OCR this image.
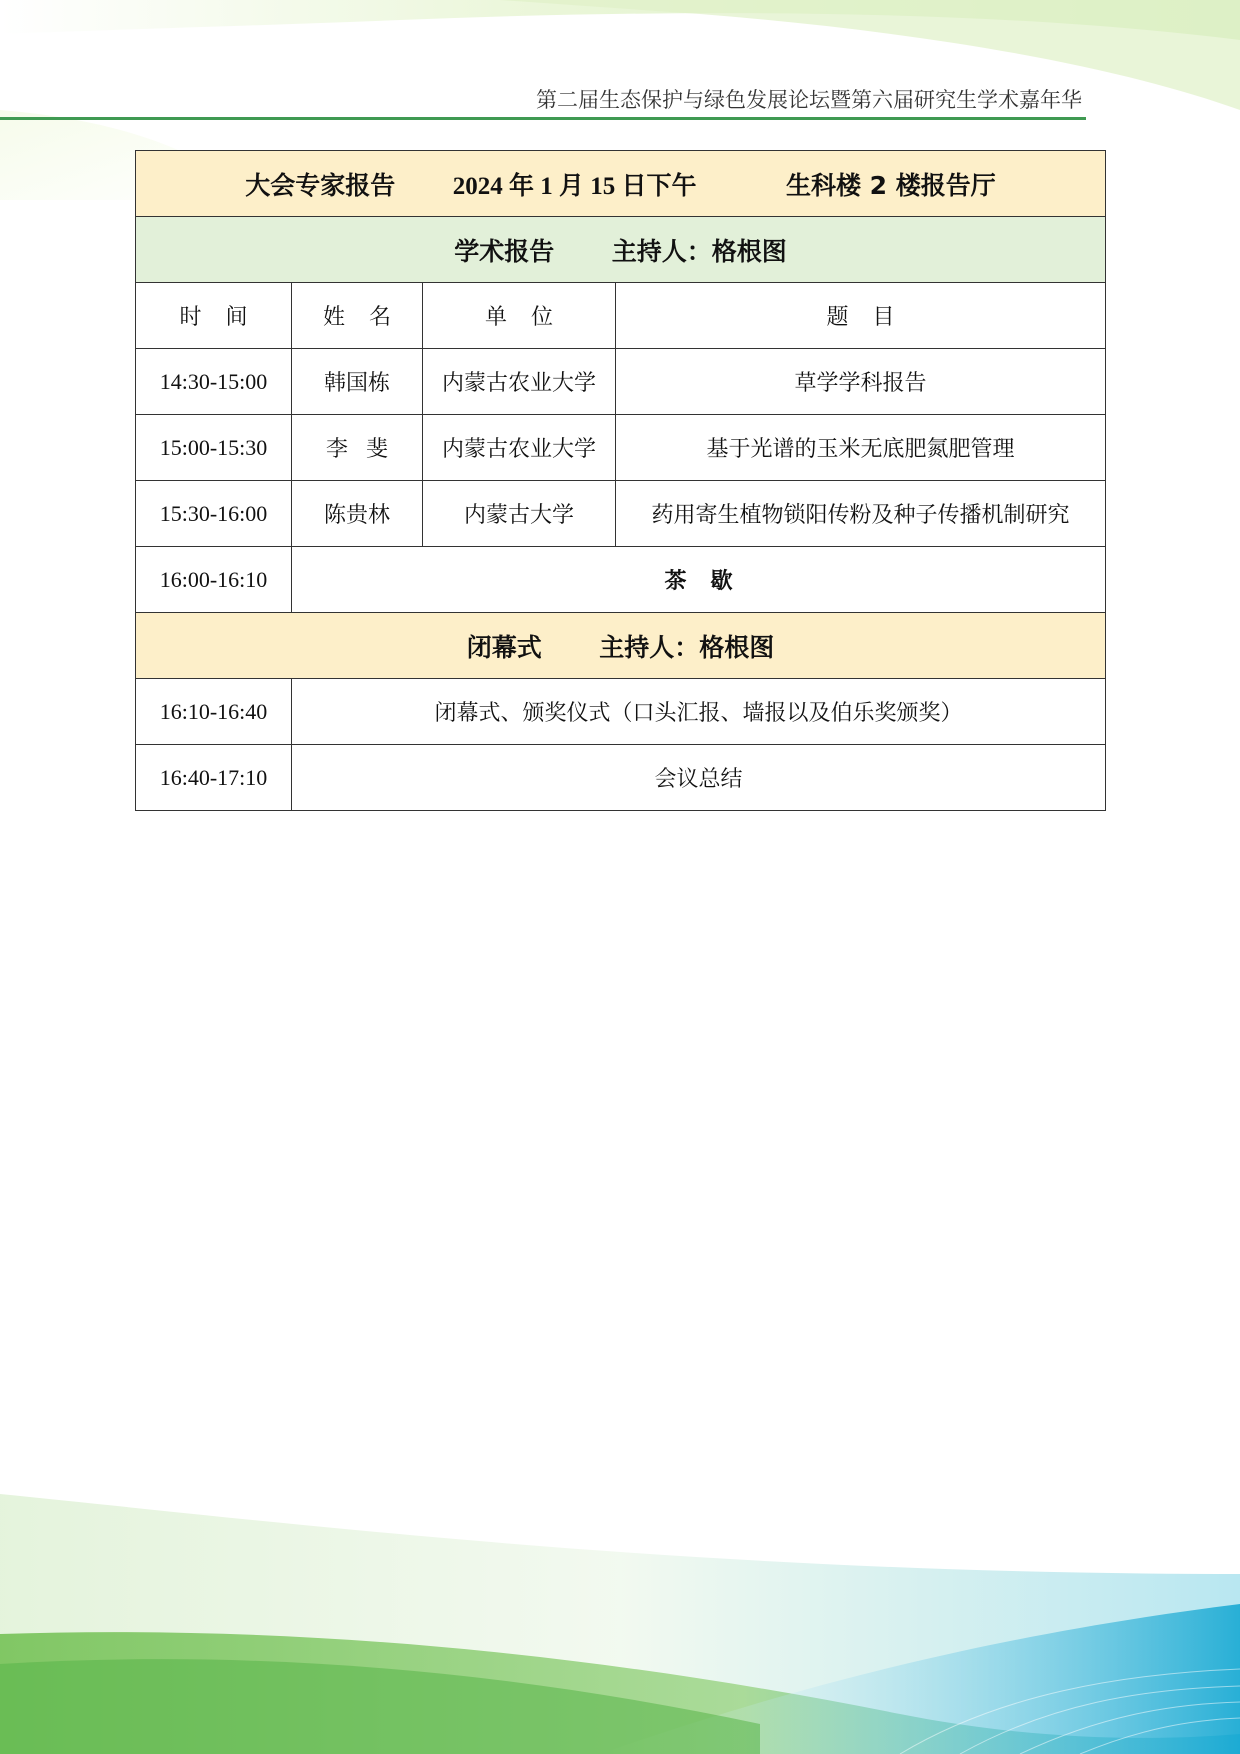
第二届生态保护与绿色发展论坛暨第六届研究生学术嘉年华
大会专家报告 2024 年 1 月 15 日下午 生科楼 2 楼报告厅			
学术报告 主持人：格根图			
时间	姓名	单位	题目
14:30-15:00	韩国栋	内蒙古农业大学	草学学科报告
15:00-15:30	李斐	内蒙古农业大学	基于光谱的玉米无底肥氮肥管理
15:30-16:00	陈贵林	内蒙古大学	药用寄生植物锁阳传粉及种子传播机制研究
16:00-16:10	茶歇		
闭幕式 主持人：格根图			
16:10-16:40	闭幕式、颁奖仪式（口头汇报、墙报以及伯乐奖颁奖）		
16:40-17:10	会议总结		
